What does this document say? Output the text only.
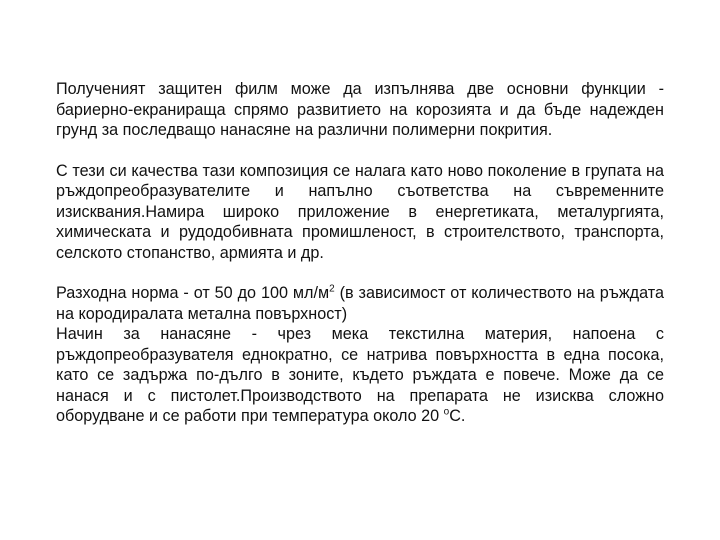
Полученият защитен филм може да изпълнява две основни функции - бариерно-екраниращa спрямо развитието на корозията и да бъде надежден грунд за последващо нанасяне на различни полимерни покрития.

С тези си качества тази композиция се налага като ново поколение в групата на ръждопреобразувателите и напълно съответства на съвременните изисквания.Намира широко приложение в енергетиката, металургията, химическата и рудодобивната промишленост, в строителството, транспорта, селското стопанство, армията и др.

Разходна норма - от 50 до 100 $мл/м^2$ (в зависимост от количеството на ръждата на кородиралата метална повърхност)

Начин за нанасяне - чрез мека текстилна материя, напоена с ръждопреобразувателя еднократно, се натрива повърхността в една посока, като се задържа по-дълго в зоните, където ръждата е повече. Може да се нанася и с пистолет.Производството на препарата не изисква сложно оборудване и се работи при температура около 20 $^о$С.
